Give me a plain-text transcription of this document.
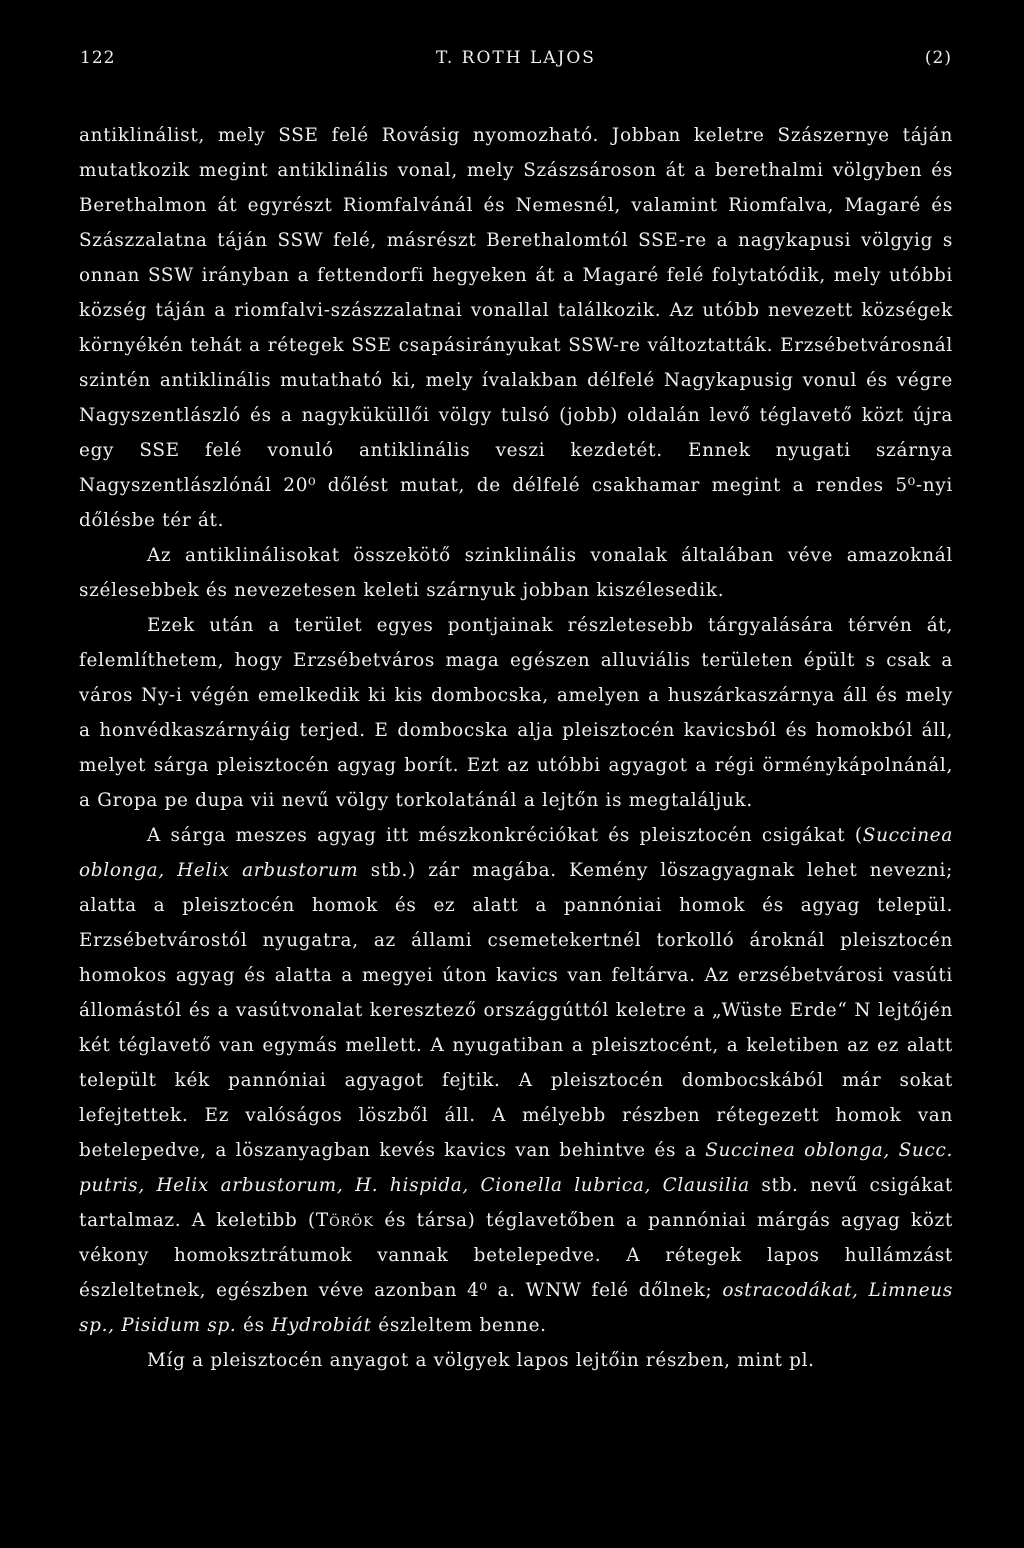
122	T. ROTH LAJOS	(2)

antiklinálist, mely SSE felé Rovásig nyomozható. Jobban keletre Szászernye táján mutatkozik megint antiklinális vonal, mely Szászsároson át a berethalmi völgyben és Berethalmon át egyrészt Riomfalvánál és Nemesnél, valamint Riomfalva, Magaré és Szászzalatna táján SSW felé, másrészt Berethalomtól SSE-re a nagykapusi völgyig s onnan SSW irányban a fettendorfi hegyeken át a Magaré felé folytatódik, mely utóbbi község táján a riomfalvi-szászzalatnai vonallal találkozik. Az utóbb nevezett községek környékén tehát a rétegek SSE csapásirányukat SSW-re változtatták. Erzsébetvárosnál szintén antiklinális mutatható ki, mely ívalakban délfelé Nagykapusig vonul és végre Nagyszentlászló és a nagyküküllői völgy tulsó (jobb) oldalán levő téglavető közt újra egy SSE felé vonuló antiklinális veszi kezdetét. Ennek nyugati szárnya Nagyszentlászlónál 20⁰ dőlést mutat, de délfelé csakhamar megint a rendes 5⁰-nyi dőlésbe tér át.

Az antiklinálisokat összekötő szinklinális vonalak általában véve amazoknál szélesebbek és nevezetesen keleti szárnyuk jobban kiszélesedik.

Ezek után a terület egyes pontjainak részletesebb tárgyalására térvén át, felemlíthetem, hogy Erzsébetváros maga egészen alluviális területen épült s csak a város Ny-i végén emelkedik ki kis dombocska, amelyen a huszárkaszárnya áll és mely a honvédkaszárnyáig terjed. E dombocska alja pleisztocén kavicsból és homokból áll, melyet sárga pleisztocén agyag borít. Ezt az utóbbi agyagot a régi örménykápolnánál, a Gropa pe dupa vii nevű völgy torkolatánál a lejtőn is megtaláljuk.

A sárga meszes agyag itt mészkonkréciókat és pleisztocén csigákat (Succinea oblonga, Helix arbustorum stb.) zár magába. Kemény löszagyagnak lehet nevezni; alatta a pleisztocén homok és ez alatt a pannóniai homok és agyag települ. Erzsébetvárostól nyugatra, az állami csemetekertnél torkolló ároknál pleisztocén homokos agyag és alatta a megyei úton kavics van feltárva. Az erzsébetvárosi vasúti állomástól és a vasútvonalat keresztező országgúttól keletre a „Wüste Erde“ N lejtőjén két téglavető van egymás mellett. A nyugatiban a pleisztocént, a keletiben az ez alatt települt kék pannóniai agyagot fejtik. A pleisztocén dombocskából már sokat lefejtettek. Ez valóságos löszből áll. A mélyebb részben rétegezett homok van betelepedve, a löszanyagban kevés kavics van behintve és a Succinea oblonga, Succ. putris, Helix arbustorum, H. hispida, Cionella lubrica, Clausilia stb. nevű csigákat tartalmaz. A keletibb (Török és társa) téglavetőben a pannóniai márgás agyag közt vékony homoksztrátumok vannak betelepedve. A rétegek lapos hullámzást észleltetnek, egészben véve azonban 4⁰ a. WNW felé dőlnek; ostracodákat, Limneus sp., Pisidum sp. és Hydrobiát észleltem benne.

Míg a pleisztocén anyagot a völgyek lapos lejtőin részben, mint pl.
